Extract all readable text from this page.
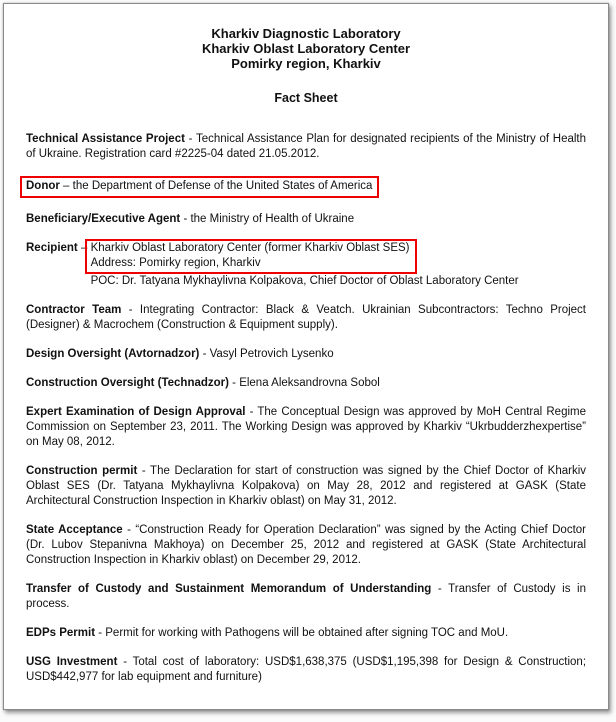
Kharkiv Diagnostic Laboratory
Kharkiv Oblast Laboratory Center
Pomirky region, Kharkiv
Fact Sheet

Technical Assistance Project - Technical Assistance Plan for designated recipients of the Ministry of Health of Ukraine. Registration card #2225-04 dated 21.05.2012.

Donor – the Department of Defense of the United States of America

Beneficiary/Executive Agent - the Ministry of Health of Ukraine

Recipient – Kharkiv Oblast Laboratory Center (former Kharkiv Oblast SES)
Address: Pomirky region, Kharkiv
POC: Dr. Tatyana Mykhaylivna Kolpakova, Chief Doctor of Oblast Laboratory Center

Contractor Team - Integrating Contractor: Black & Veatch. Ukrainian Subcontractors: Techno Project (Designer) & Macrochem (Construction & Equipment supply).

Design Oversight (Avtornadzor) - Vasyl Petrovich Lysenko

Construction Oversight (Technadzor) - Elena Aleksandrovna Sobol

Expert Examination of Design Approval - The Conceptual Design was approved by MoH Central Regime Commission on September 23, 2011. The Working Design was approved by Kharkiv “Ukrbudderzhexpertise” on May 08, 2012.

Construction permit - The Declaration for start of construction was signed by the Chief Doctor of Kharkiv Oblast SES (Dr. Tatyana Mykhaylivna Kolpakova) on May 28, 2012 and registered at GASK (State Architectural Construction Inspection in Kharkiv oblast) on May 31, 2012.

State Acceptance - “Construction Ready for Operation Declaration” was signed by the Acting Chief Doctor (Dr. Lubov Stepanivna Makhoya) on December 25, 2012 and registered at GASK (State Architectural Construction Inspection in Kharkiv oblast) on December 29, 2012.

Transfer of Custody and Sustainment Memorandum of Understanding - Transfer of Custody is in process.

EDPs Permit - Permit for working with Pathogens will be obtained after signing TOC and MoU.

USG Investment - Total cost of laboratory: USD$1,638,375 (USD$1,195,398 for Design & Construction; USD$442,977 for lab equipment and furniture)
